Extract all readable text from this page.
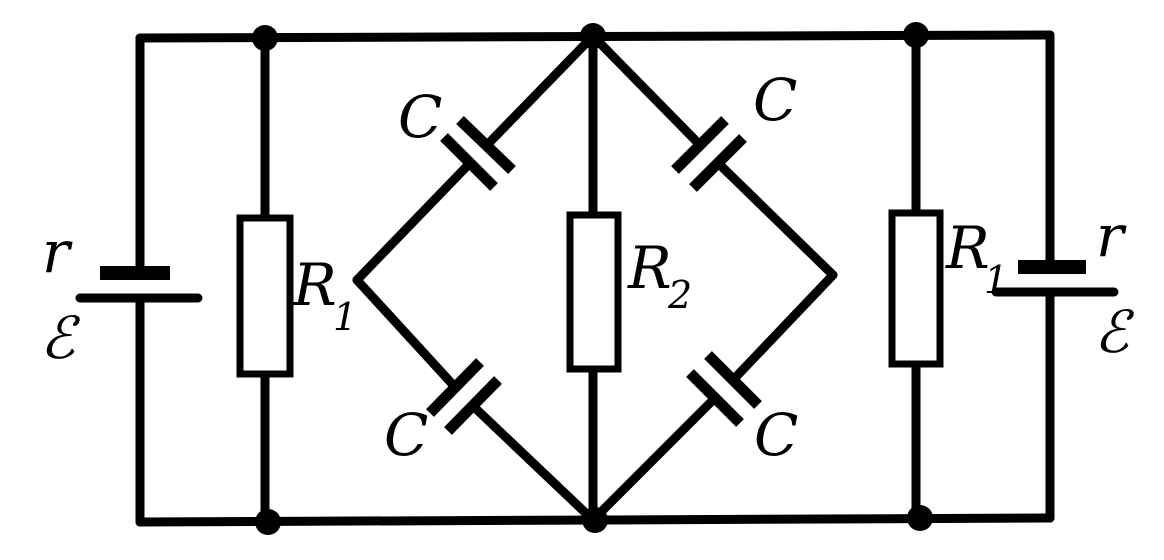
C	C
C	C
R
1
R
2
R
1
r
ℰ
r
ℰ
